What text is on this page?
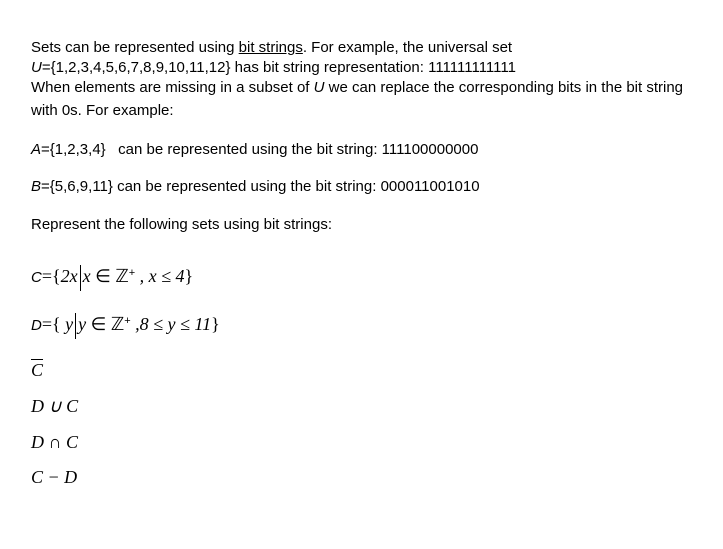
Sets can be represented using bit strings. For example, the universal set
U={1,2,3,4,5,6,7,8,9,10,11,12} has bit string representation: 111111111111
When elements are missing in a subset of U we can replace the corresponding bits in the bit string
with 0s. For example:
A={1,2,3,4}   can be represented using the bit string: 111100000000
B={5,6,9,11} can be represented using the bit string: 000011001010
Represent the following sets using bit strings:
C={2x x ∈ ℤ+ , x ≤ 4}
D={ y y ∈ ℤ+ ,8 ≤ y ≤ 11}
$\overline{C}$
D ∪ C
D ∩ C
C − D
